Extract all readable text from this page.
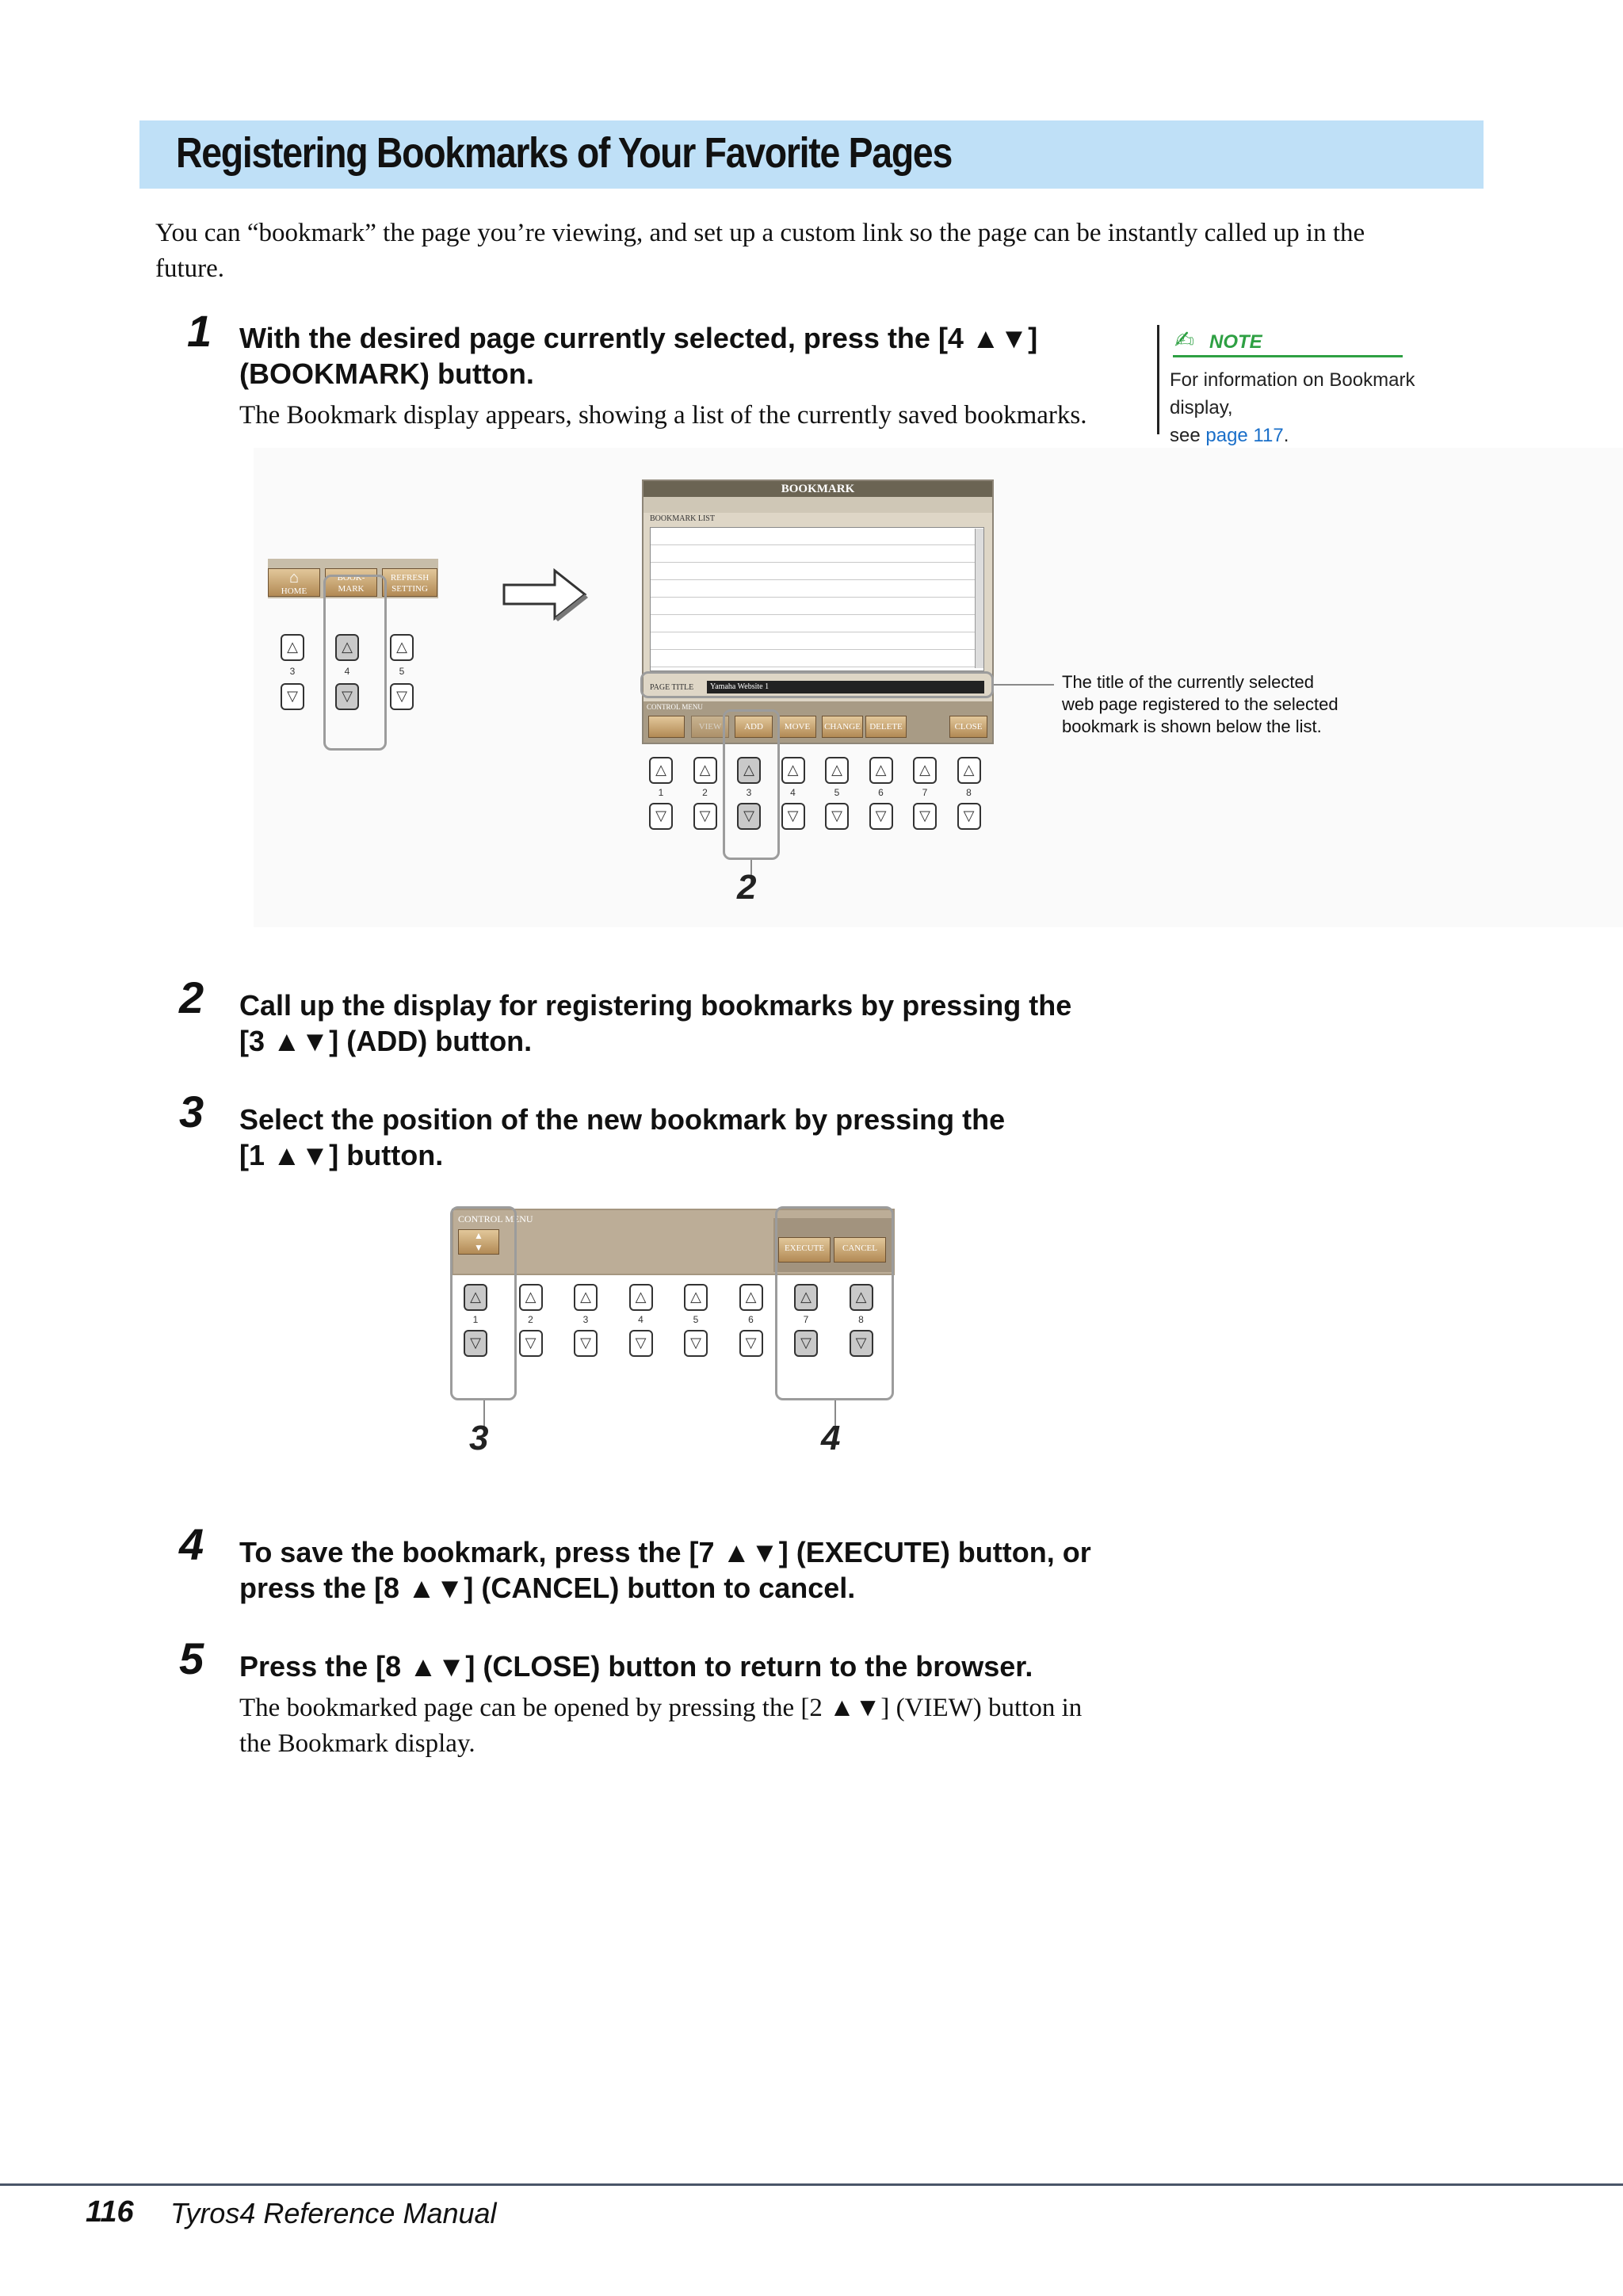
Registering Bookmarks of Your Favorite Pages
You can “bookmark” the page you’re viewing, and set up a custom link so the page can be instantly called up in the
future.
1 With the desired page currently selected, press the [4 ▲▼]
(BOOKMARK) button.
The Bookmark display appears, showing a list of the currently saved bookmarks.
✍ NOTE
For information on Bookmark display,
see page 117.
⌂
HOME
BOOK-MARK
REFRESH SETTING
△
3
▽
△
4
▽
△
5
▽
BOOKMARK
BOOKMARK LIST
PAGE TITLE	Yamaha Website 1
CONTROL MENU
VIEW	ADD	MOVE	CHANGE	DELETE	CLOSE
The title of the currently selected
web page registered to the selected
bookmark is shown below the list.
△
1
▽
△
2
▽
△
3
▽
△
4
▽
△
5
▽
△
6
▽
△
7
▽
△
8
▽
2
2 Call up the display for registering bookmarks by pressing the
[3 ▲▼] (ADD) button.
3 Select the position of the new bookmark by pressing the
[1 ▲▼] button.
CONTROL MENU
▲
▼	EXECUTE	CANCEL
△
1
▽
△
2
▽
△
3
▽
△
4
▽
△
5
▽
△
6
▽
△
7
▽
△
8
▽
3	4
4 To save the bookmark, press the [7 ▲▼] (EXECUTE) button, or
press the [8 ▲▼] (CANCEL) button to cancel.
5 Press the [8 ▲▼] (CLOSE) button to return to the browser.
The bookmarked page can be opened by pressing the [2 ▲▼] (VIEW) button in
the Bookmark display.
116 Tyros4 Reference Manual
